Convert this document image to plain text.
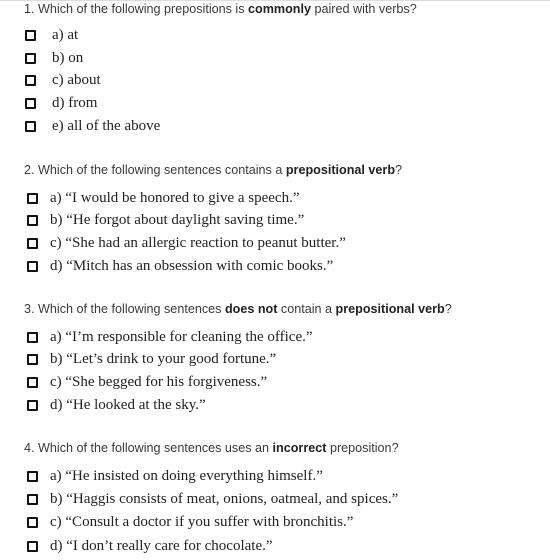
1. Which of the following prepositions is commonly paired with verbs?
a) at
b) on
c) about
d) from
e) all of the above
2. Which of the following sentences contains a prepositional verb?
a) “I would be honored to give a speech.”
b) “He forgot about daylight saving time.”
c) “She had an allergic reaction to peanut butter.”
d) “Mitch has an obsession with comic books.”
3. Which of the following sentences does not contain a prepositional verb?
a) “I’m responsible for cleaning the office.”
b) “Let’s drink to your good fortune.”
c) “She begged for his forgiveness.”
d) “He looked at the sky.”
4. Which of the following sentences uses an incorrect preposition?
a) “He insisted on doing everything himself.”
b) “Haggis consists of meat, onions, oatmeal, and spices.”
c) “Consult a doctor if you suffer with bronchitis.”
d) “I don’t really care for chocolate.”
